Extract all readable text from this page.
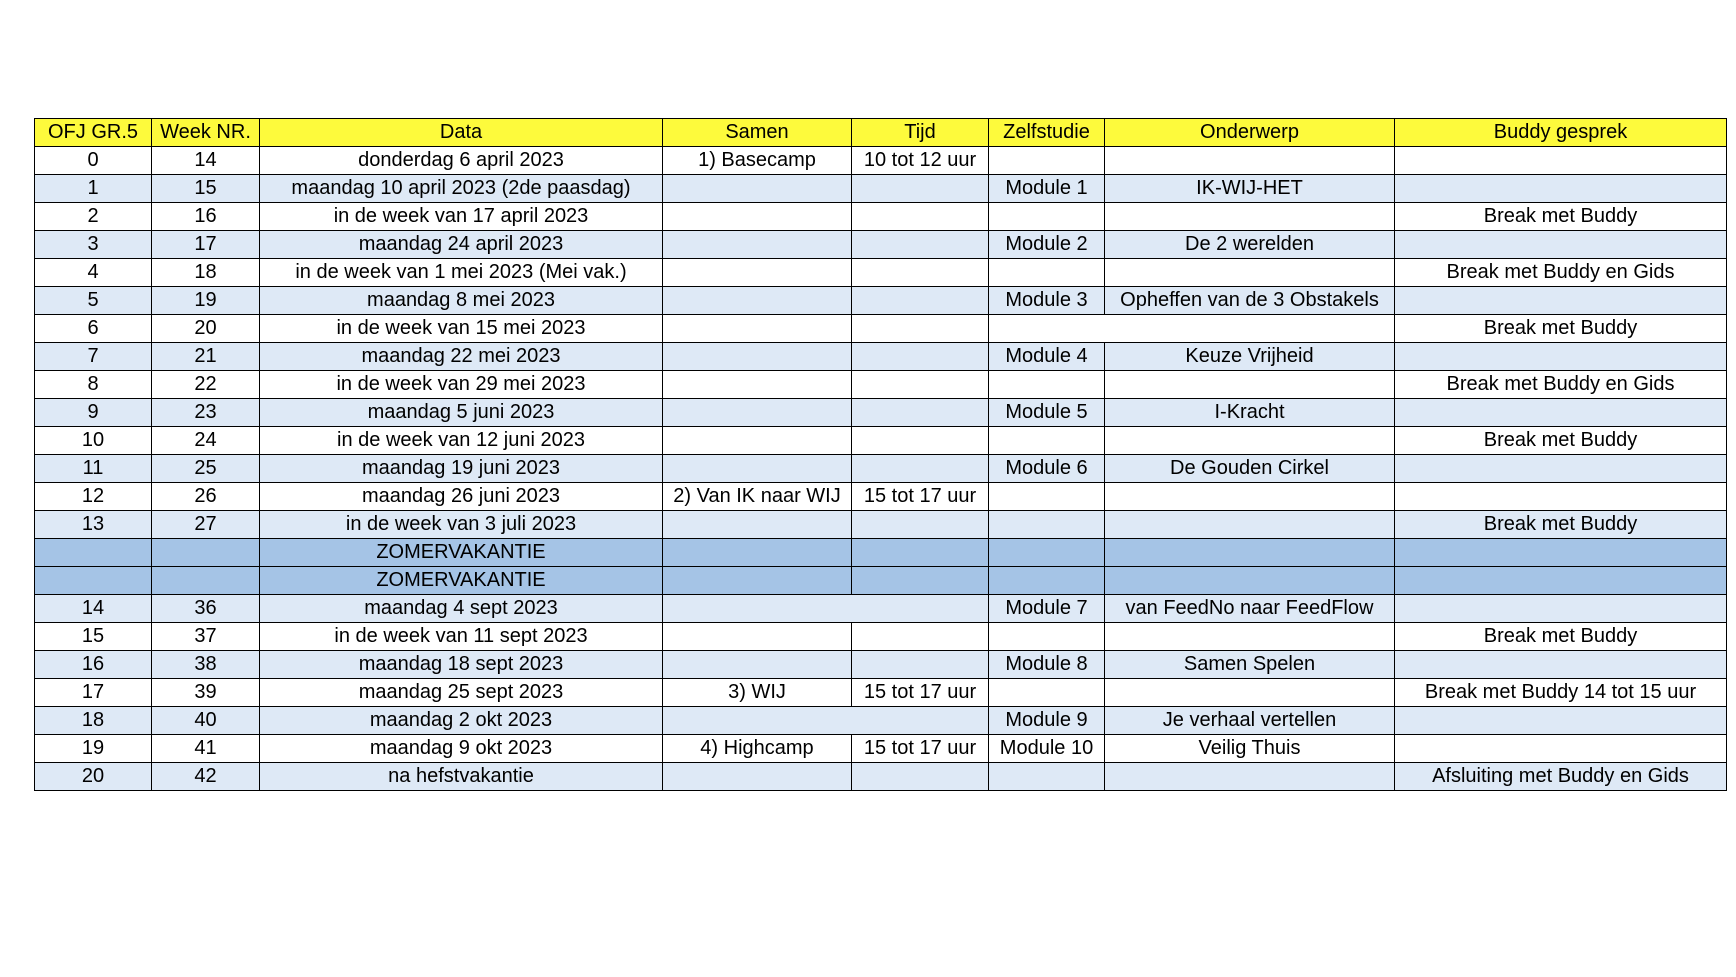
OFJ GR.5	Week NR.	Data	Samen	Tijd	Zelfstudie	Onderwerp	Buddy gesprek
0	14	donderdag 6 april 2023	1) Basecamp	10 tot 12 uur			
1	15	maandag 10 april 2023 (2de paasdag)			Module 1	IK-WIJ-HET	
2	16	in de week van 17 april 2023					Break met Buddy
3	17	maandag 24 april 2023			Module 2	De 2 werelden	
4	18	in de week van 1 mei 2023 (Mei vak.)					Break met Buddy en Gids
5	19	maandag 8 mei 2023			Module 3	Opheffen van de 3 Obstakels	
6	20	in de week van 15 mei 2023					Break met Buddy
7	21	maandag 22 mei 2023			Module 4	Keuze Vrijheid	
8	22	in de week van 29 mei 2023					Break met Buddy en Gids
9	23	maandag 5 juni 2023			Module 5	I-Kracht	
10	24	in de week van 12 juni 2023					Break met Buddy
11	25	maandag 19 juni 2023			Module 6	De Gouden Cirkel	
12	26	maandag 26 juni 2023	2) Van IK naar WIJ	15 tot 17 uur			
13	27	in de week van 3 juli 2023					Break met Buddy
		ZOMERVAKANTIE					
		ZOMERVAKANTIE					
14	36	maandag 4 sept 2023			Module 7	van FeedNo naar FeedFlow	
15	37	in de week van 11 sept 2023					Break met Buddy
16	38	maandag 18 sept 2023			Module 8	Samen Spelen	
17	39	maandag 25 sept 2023	3) WIJ	15 tot 17 uur			Break met Buddy 14 tot 15 uur
18	40	maandag 2 okt 2023			Module 9	Je verhaal vertellen	
19	41	maandag 9 okt 2023	4) Highcamp	15 tot 17 uur	Module 10	Veilig Thuis	
20	42	na hefstvakantie					Afsluiting met Buddy en Gids
